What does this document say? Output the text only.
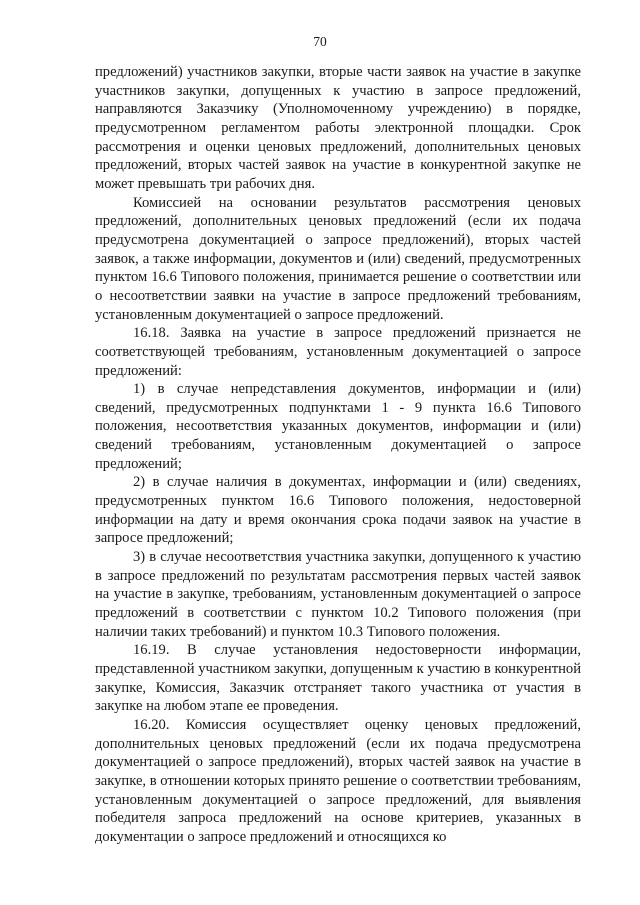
70

предложений) участников закупки, вторые части заявок на участие в закупке участников закупки, допущенных к участию в запросе предложений, направляются Заказчику (Уполномоченному учреждению) в порядке, предусмотренном регламентом работы электронной площадки. Срок рассмотрения и оценки ценовых предложений, дополнительных ценовых предложений, вторых частей заявок на участие в конкурентной закупке не может превышать три рабочих дня.

Комиссией на основании результатов рассмотрения ценовых предложений, дополнительных ценовых предложений (если их подача предусмотрена документацией о запросе предложений), вторых частей заявок, а также информации, документов и (или) сведений, предусмотренных пунктом 16.6 Типового положения, принимается решение о соответствии или о несоответствии заявки на участие в запросе предложений требованиям, установленным документацией о запросе предложений.

16.18. Заявка на участие в запросе предложений признается не соответствующей требованиям, установленным документацией о запросе предложений:

1) в случае непредставления документов, информации и (или) сведений, предусмотренных подпунктами 1 - 9 пункта 16.6 Типового положения, несоответствия указанных документов, информации и (или) сведений требованиям, установленным документацией о запросе предложений;

2) в случае наличия в документах, информации и (или) сведениях, предусмотренных пунктом 16.6 Типового положения, недостоверной информации на дату и время окончания срока подачи заявок на участие в запросе предложений;

3) в случае несоответствия участника закупки, допущенного к участию в запросе предложений по результатам рассмотрения первых частей заявок на участие в закупке, требованиям, установленным документацией о запросе предложений в соответствии с пунктом 10.2 Типового положения (при наличии таких требований) и пунктом 10.3 Типового положения.

16.19. В случае установления недостоверности информации, представленной участником закупки, допущенным к участию в конкурентной закупке, Комиссия, Заказчик отстраняет такого участника от участия в закупке на любом этапе ее проведения.

16.20. Комиссия осуществляет оценку ценовых предложений, дополнительных ценовых предложений (если их подача предусмотрена документацией о запросе предложений), вторых частей заявок на участие в закупке, в отношении которых принято решение о соответствии требованиям, установленным документацией о запросе предложений, для выявления победителя запроса предложений на основе критериев, указанных в документации о запросе предложений и относящихся ко
